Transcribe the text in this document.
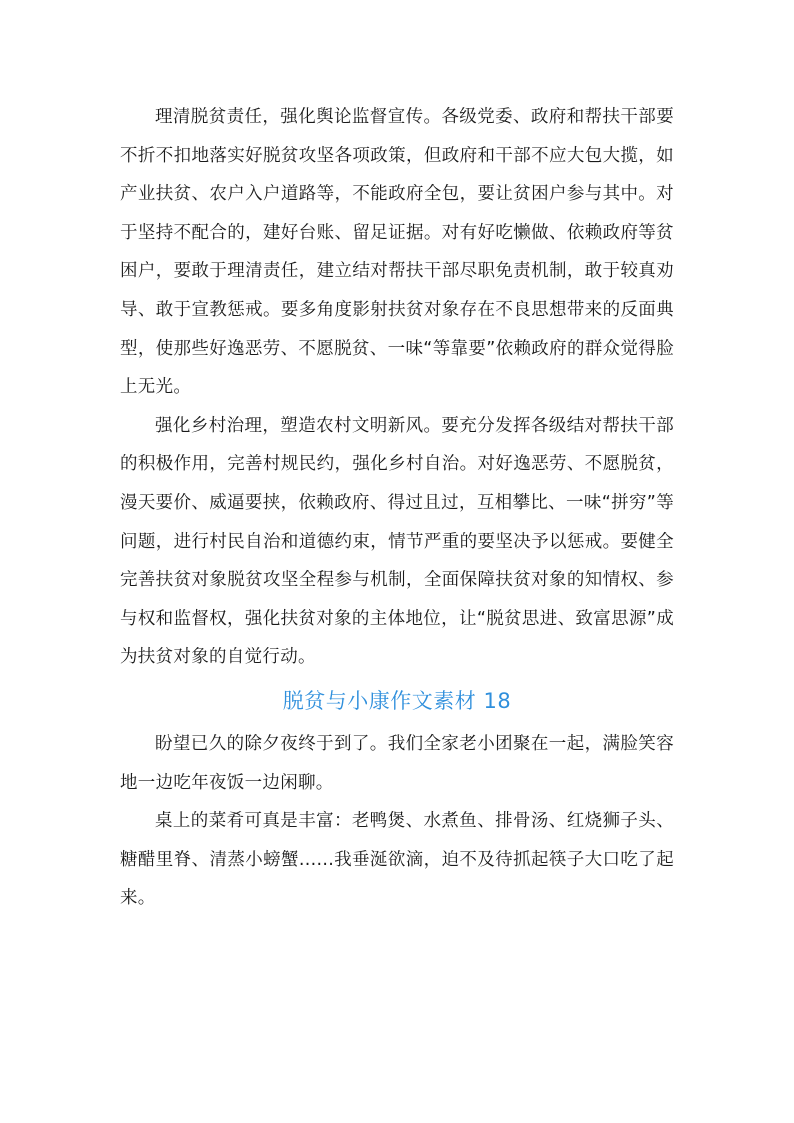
理清脱贫责任，强化舆论监督宣传。各级党委、政府和帮扶干部要不折不扣地落实好脱贫攻坚各项政策，但政府和干部不应大包大揽，如产业扶贫、农户入户道路等，不能政府全包，要让贫困户参与其中。对于坚持不配合的，建好台账、留足证据。对有好吃懒做、依赖政府等贫困户，要敢于理清责任，建立结对帮扶干部尽职免责机制，敢于较真劝导、敢于宣教惩戒。要多角度影射扶贫对象存在不良思想带来的反面典型，使那些好逸恶劳、不愿脱贫、一味“等靠要”依赖政府的群众觉得脸上无光。

强化乡村治理，塑造农村文明新风。要充分发挥各级结对帮扶干部的积极作用，完善村规民约，强化乡村自治。对好逸恶劳、不愿脱贫，漫天要价、威逼要挟，依赖政府、得过且过，互相攀比、一味“拼穷”等问题，进行村民自治和道德约束，情节严重的要坚决予以惩戒。要健全完善扶贫对象脱贫攻坚全程参与机制，全面保障扶贫对象的知情权、参与权和监督权，强化扶贫对象的主体地位，让“脱贫思进、致富思源”成为扶贫对象的自觉行动。

脱贫与小康作文素材 18

盼望已久的除夕夜终于到了。我们全家老小团聚在一起，满脸笑容地一边吃年夜饭一边闲聊。

桌上的菜肴可真是丰富：老鸭煲、水煮鱼、排骨汤、红烧狮子头、糖醋里脊、清蒸小螃蟹......我垂涎欲滴，迫不及待抓起筷子大口吃了起来。
